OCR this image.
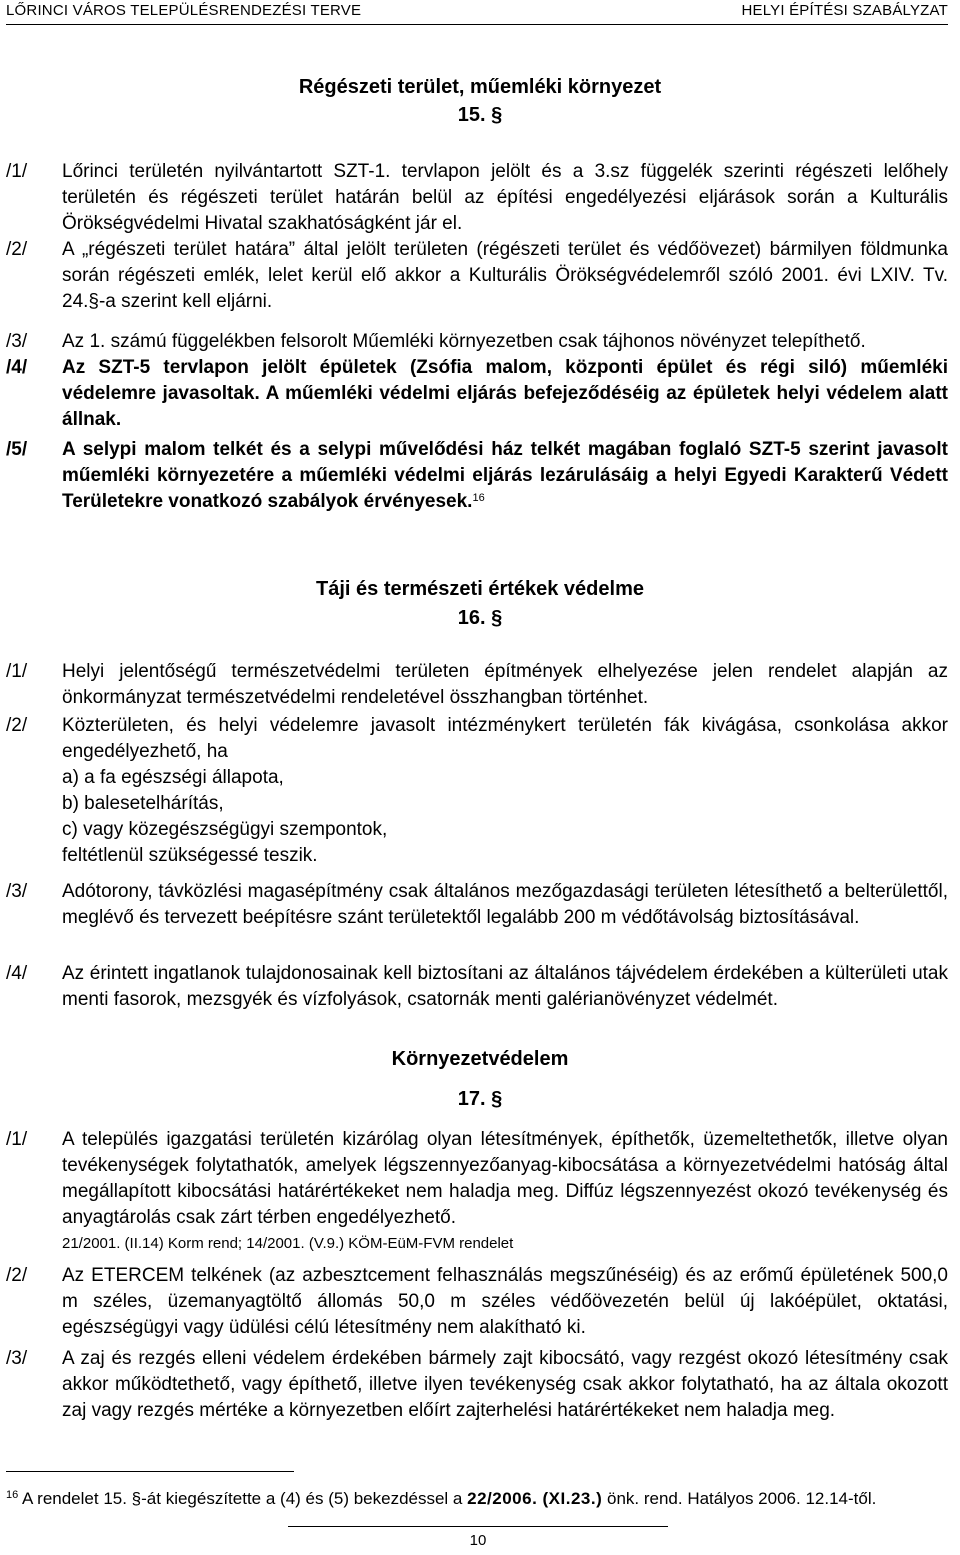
LŐRINCI VÁROS TELEPÜLÉSRENDEZÉSI TERVE	HELYI ÉPÍTÉSI SZABÁLYZAT
Régészeti terület, műemléki környezet
15. §
/1/	Lőrinci területén nyilvántartott SZT-1. tervlapon jelölt és a 3.sz függelék szerinti régészeti lelőhely területén és régészeti terület határán belül az építési engedélyezési eljárások során a Kulturális Örökségvédelmi Hivatal szakhatóságként jár el.
/2/	A „régészeti terület határa” által jelölt területen (régészeti terület és védőövezet) bármilyen földmunka során régészeti emlék, lelet kerül elő akkor a Kulturális Örökségvédelemről szóló 2001. évi LXIV. Tv. 24.§-a szerint kell eljárni.
/3/	Az 1. számú függelékben felsorolt Műemléki környezetben csak tájhonos növényzet telepíthető.
/4/	Az SZT-5 tervlapon jelölt épületek (Zsófia malom, központi épület és régi siló) műemléki védelemre javasoltak. A műemléki védelmi eljárás befejeződéséig az épületek helyi védelem alatt állnak.
/5/	A selypi malom telkét és a selypi művelődési ház telkét magában foglaló SZT-5 szerint javasolt műemléki környezetére a műemléki védelmi eljárás lezárulásáig a helyi Egyedi Karakterű Védett Területekre vonatkozó szabályok érvényesek.$^{16}$
Táji és természeti értékek védelme
16. §
/1/	Helyi jelentőségű természetvédelmi területen építmények elhelyezése jelen rendelet alapján az önkormányzat természetvédelmi rendeletével összhangban történhet.
/2/	Közterületen, és helyi védelemre javasolt intézménykert területén fák kivágása, csonkolása akkor engedélyezhető, ha
a) a fa egészségi állapota,
b) balesetelhárítás,
c) vagy közegészségügyi szempontok,
feltétlenül szükségessé teszik.
/3/	Adótorony, távközlési magasépítmény csak általános mezőgazdasági területen létesíthető a belterülettől, meglévő és tervezett beépítésre szánt területektől legalább 200 m védőtávolság biztosításával.
/4/	Az érintett ingatlanok tulajdonosainak kell biztosítani az általános tájvédelem érdekében a külterületi utak menti fasorok, mezsgyék és vízfolyások, csatornák menti galérianövényzet védelmét.
Környezetvédelem
17. §
/1/	A település igazgatási területén kizárólag olyan létesítmények, építhetők, üzemeltethetők, illetve olyan tevékenységek folytathatók, amelyek légszennyezőanyag-kibocsátása a környezetvédelmi hatóság által megállapított kibocsátási határértékeket nem haladja meg. Diffúz légszennyezést okozó tevékenység és anyagtárolás csak zárt térben engedélyezhető.
21/2001. (II.14) Korm rend; 14/2001. (V.9.) KÖM-EüM-FVM rendelet
/2/	Az ETERCEM telkének (az azbesztcement felhasználás megszűnéséig) és az erőmű épületének 500,0 m széles, üzemanyagtöltő állomás 50,0 m széles védőövezetén belül új lakóépület, oktatási, egészségügyi vagy üdülési célú létesítmény nem alakítható ki.
/3/	A zaj és rezgés elleni védelem érdekében bármely zajt kibocsátó, vagy rezgést okozó létesítmény csak akkor működtethető, vagy építhető, illetve ilyen tevékenység csak akkor folytatható, ha az általa okozott zaj vagy rezgés mértéke a környezetben előírt zajterhelési határértékeket nem haladja meg.
$^{16}$ A rendelet 15. §-át kiegészítette a (4) és (5) bekezdéssel a 22/2006. (XI.23.) önk. rend. Hatályos 2006. 12.14-től.
10
